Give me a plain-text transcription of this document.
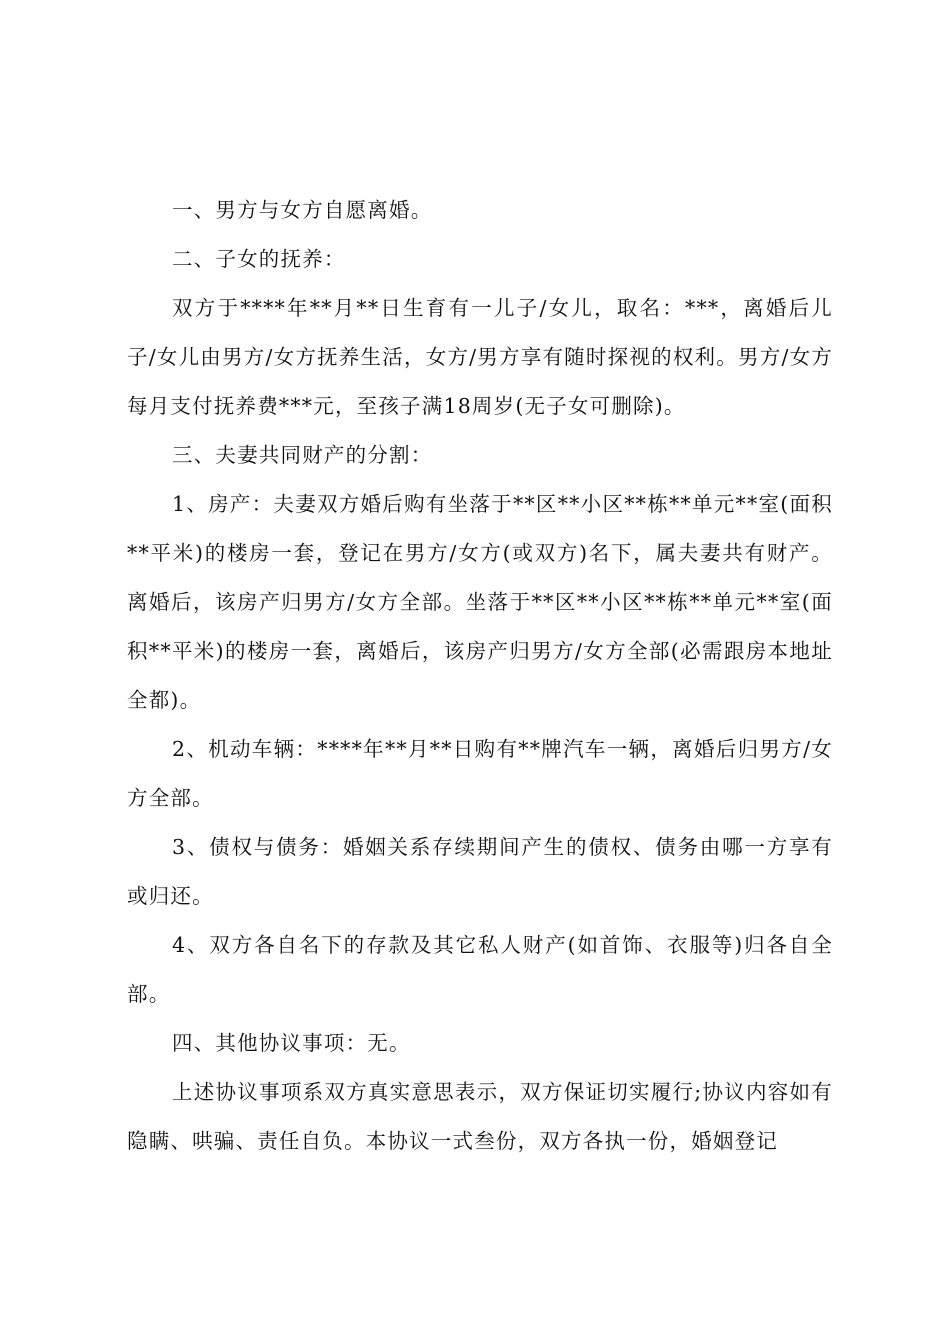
一、男方与女方自愿离婚。

二、子女的抚养：

双方于****年**月**日生育有一儿子/女儿，取名：***，离婚后儿子/女儿由男方/女方抚养生活，女方/男方享有随时探视的权利。男方/女方每月支付抚养费***元，至孩子满18周岁(无子女可删除)。

三、夫妻共同财产的分割：

1、房产：夫妻双方婚后购有坐落于**区**小区**栋**单元**室(面积**平米)的楼房一套，登记在男方/女方(或双方)名下，属夫妻共有财产。离婚后，该房产归男方/女方全部。坐落于**区**小区**栋**单元**室(面积**平米)的楼房一套，离婚后，该房产归男方/女方全部(必需跟房本地址全都)。

2、机动车辆：****年**月**日购有**牌汽车一辆，离婚后归男方/女方全部。

3、债权与债务：婚姻关系存续期间产生的债权、债务由哪一方享有或归还。

4、双方各自名下的存款及其它私人财产(如首饰、衣服等)归各自全部。

四、其他协议事项：无。

上述协议事项系双方真实意思表示，双方保证切实履行;协议内容如有隐瞒、哄骗、责任自负。本协议一式叁份，双方各执一份，婚姻登记
